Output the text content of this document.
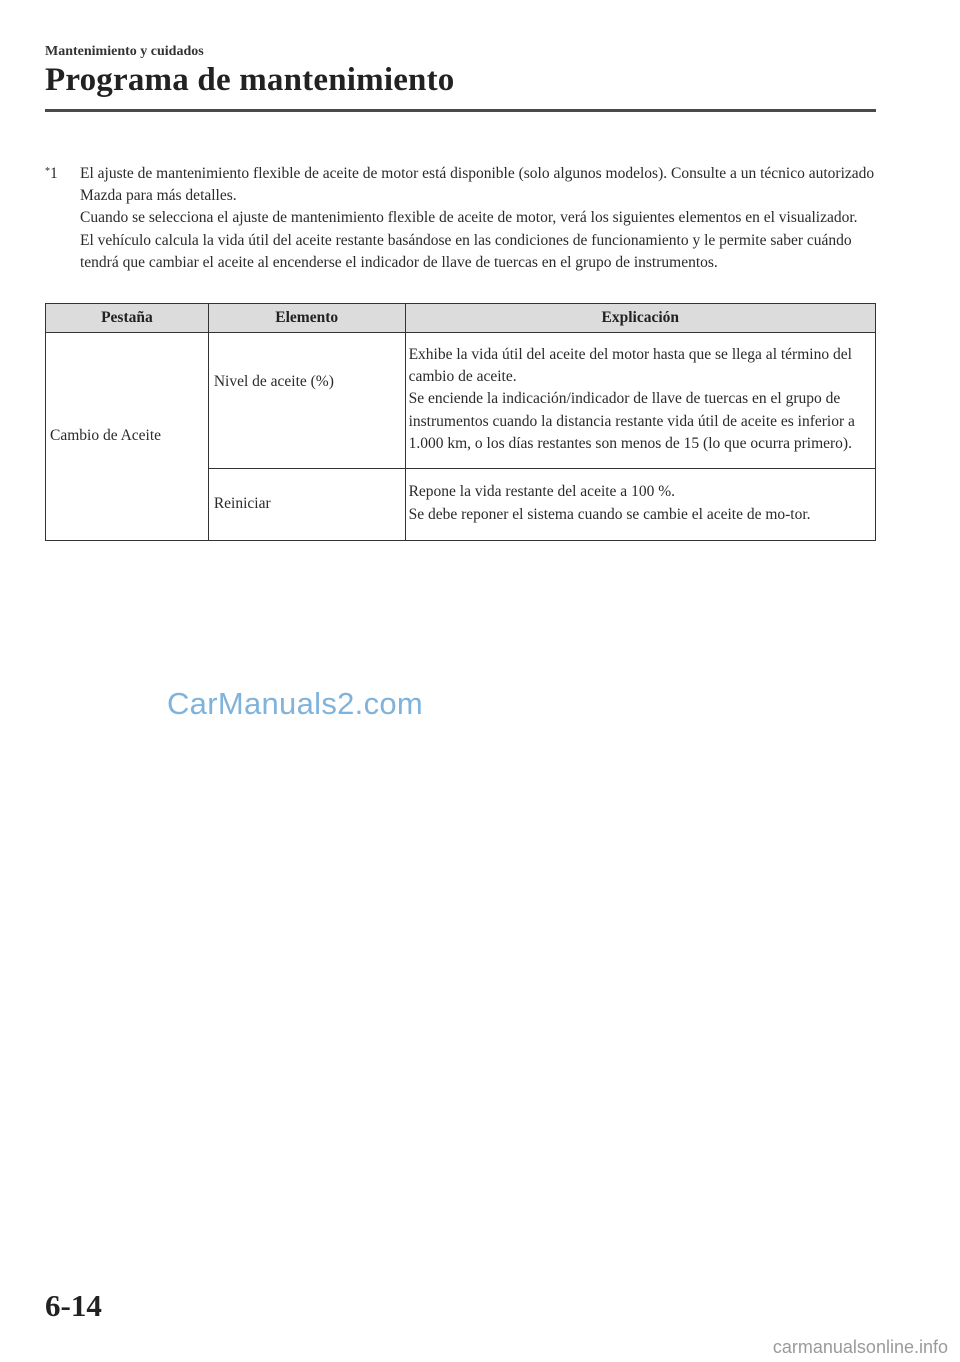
Mantenimiento y cuidados
Programa de mantenimiento
*1 El ajuste de mantenimiento flexible de aceite de motor está disponible (solo algunos modelos). Consulte a un técnico autorizado Mazda para más detalles.

Cuando se selecciona el ajuste de mantenimiento flexible de aceite de motor, verá los siguientes elementos en el visualizador. El vehículo calcula la vida útil del aceite restante basándose en las condiciones de funcionamiento y le permite saber cuándo tendrá que cambiar el aceite al encenderse el indicador de llave de tuercas en el grupo de instrumentos.

Pestaña	Elemento	Explicación
Cambio de Aceite	Nivel de aceite (%)	Exhibe la vida útil del aceite del motor hasta que se llega al término del cambio de aceite.

Se enciende la indicación/indicador de llave de tuercas en el grupo de instrumentos cuando la distancia restante vida útil de aceite es inferior a 1.000 km, o los días restantes son menos de 15 (lo que ocurra primero).

	Reiniciar	Repone la vida restante del aceite a 100 %.

Se debe reponer el sistema cuando se cambie el aceite de mo-tor.

CarManuals2.com
6-14
carmanualsonline.info
